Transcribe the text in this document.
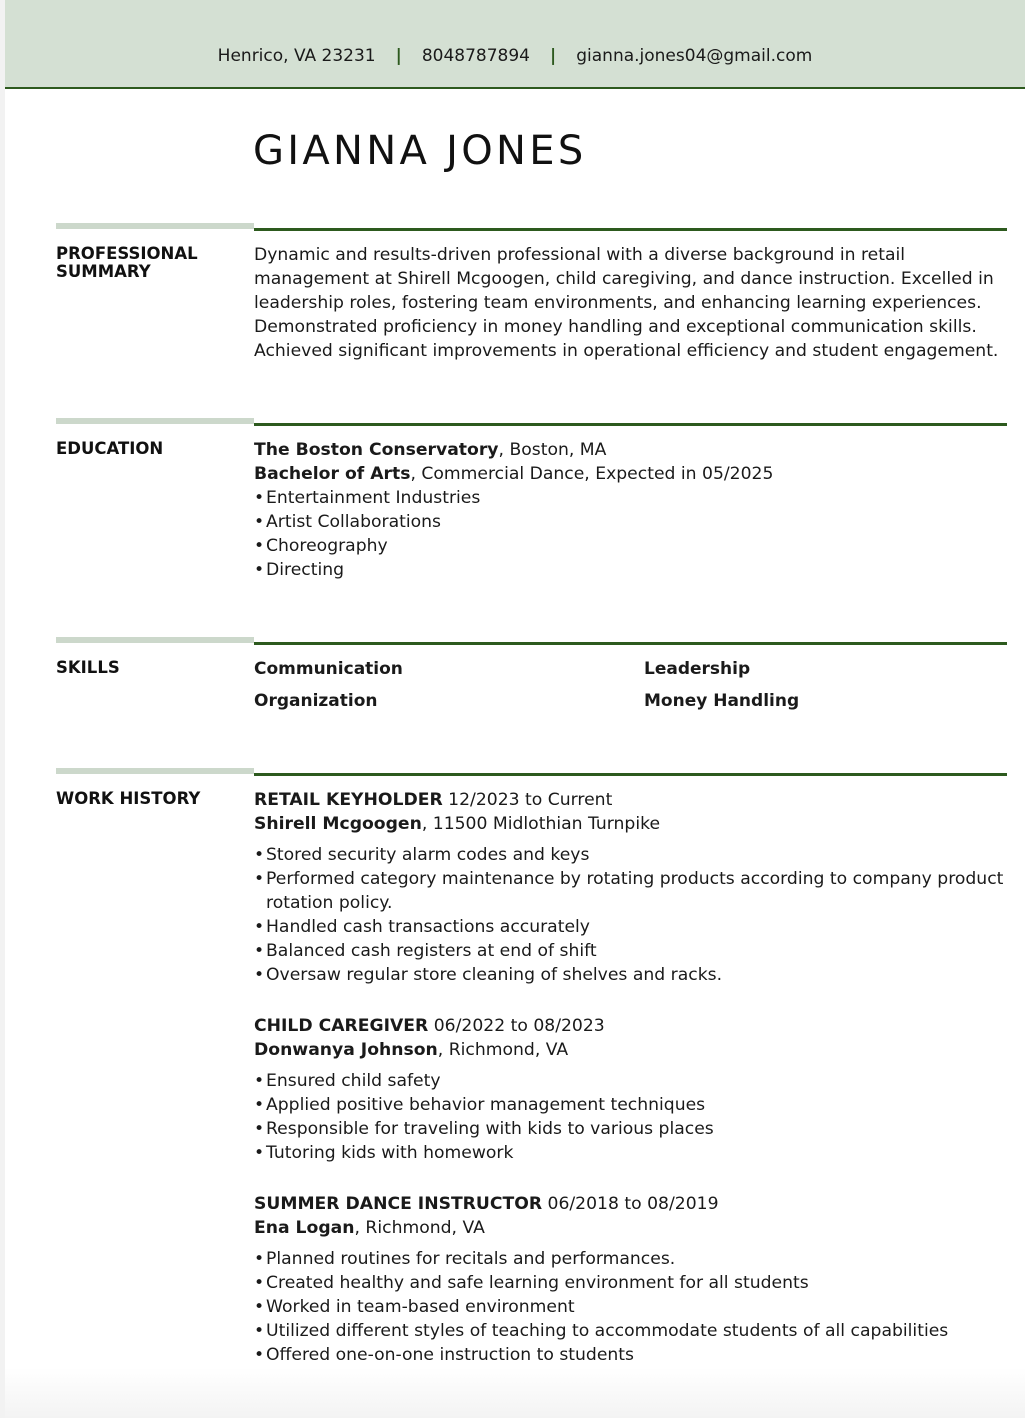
Henrico, VA 23231 | 8048787894 | gianna.jones04@gmail.com
GIANNA JONES
PROFESSIONAL SUMMARY

Dynamic and results-driven professional with a diverse background in retail management at Shirell Mcgoogen, child caregiving, and dance instruction. Excelled in leadership roles, fostering team environments, and enhancing learning experiences. Demonstrated proficiency in money handling and exceptional communication skills. Achieved significant improvements in operational efficiency and student engagement.

EDUCATION	The Boston Conservatory, Boston, MA
Bachelor of Arts, Commercial Dance, Expected in 05/2025
• Entertainment Industries
• Artist Collaborations
• Choreography
• Directing
SKILLS	Communication	Leadership
Organization	Money Handling
WORK HISTORY	RETAIL KEYHOLDER 12/2023 to Current
Shirell Mcgoogen, 11500 Midlothian Turnpike
• Stored security alarm codes and keys
• Performed category maintenance by rotating products according to company product rotation policy.
• Handled cash transactions accurately
• Balanced cash registers at end of shift
• Oversaw regular store cleaning of shelves and racks.
CHILD CAREGIVER 06/2022 to 08/2023
Donwanya Johnson, Richmond, VA
• Ensured child safety
• Applied positive behavior management techniques
• Responsible for traveling with kids to various places
• Tutoring kids with homework
SUMMER DANCE INSTRUCTOR 06/2018 to 08/2019
Ena Logan, Richmond, VA
• Planned routines for recitals and performances.
• Created healthy and safe learning environment for all students
• Worked in team-based environment
• Utilized different styles of teaching to accommodate students of all capabilities
• Offered one-on-one instruction to students
